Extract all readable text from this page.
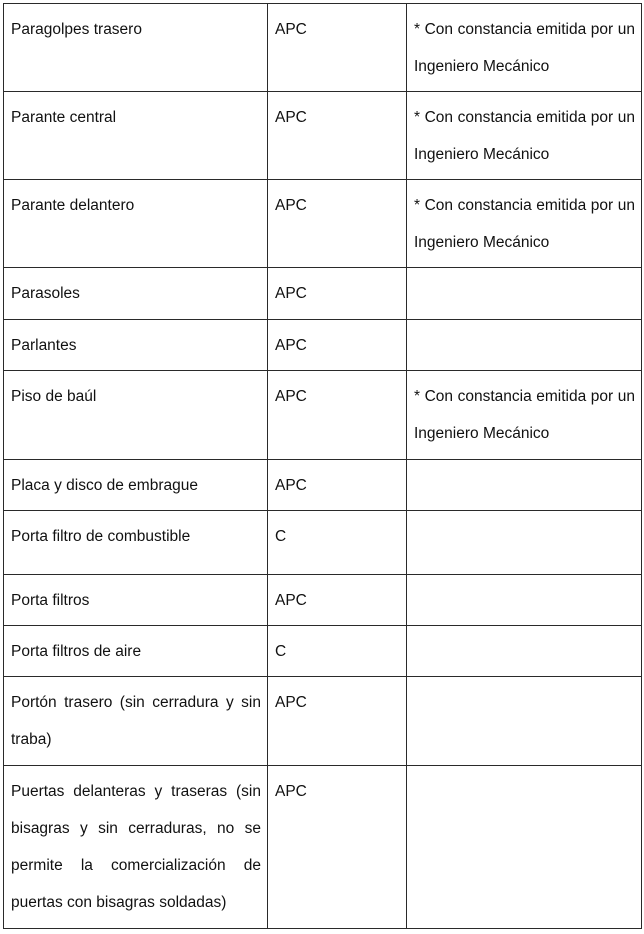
Paragolpes trasero	APC	* Con constancia emitida por un Ingeniero Mecánico
Parante central	APC	* Con constancia emitida por un Ingeniero Mecánico
Parante delantero	APC	* Con constancia emitida por un Ingeniero Mecánico
Parasoles	APC	
Parlantes	APC	
Piso de baúl	APC	* Con constancia emitida por un Ingeniero Mecánico
Placa y disco de embrague	APC	
Porta filtro de combustible	C	
Porta filtros	APC	
Porta filtros de aire	C	
Portón trasero (sin cerradura y sin traba)	APC	
Puertas delanteras y traseras (sin bisagras y sin cerraduras, no se permite la comercialización de puertas con bisagras soldadas)	APC	
